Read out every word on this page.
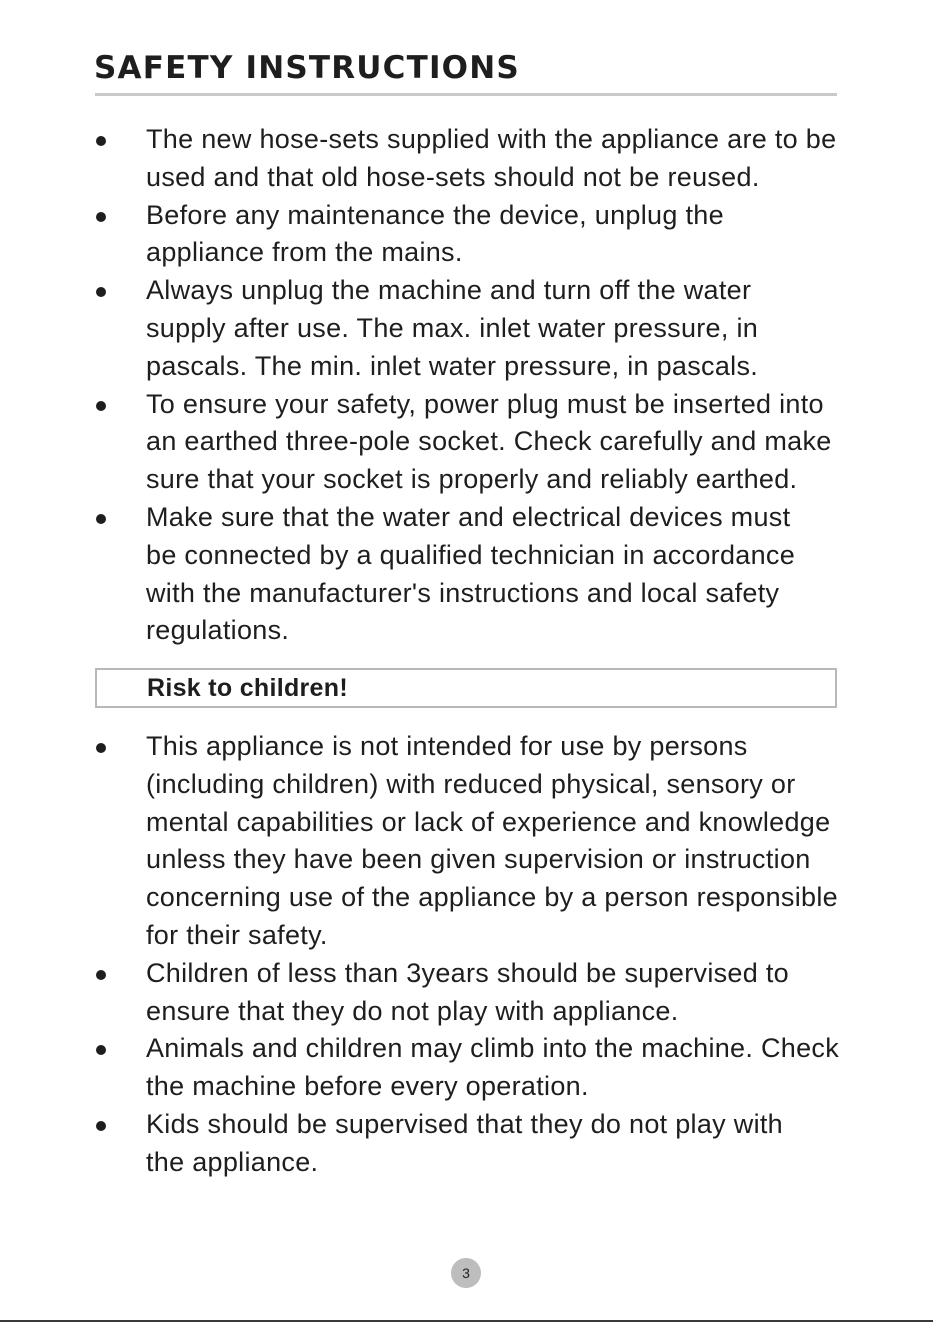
SAFETY INSTRUCTIONS
The new hose-sets supplied with the appliance are to be
used and that old hose-sets should not be reused.
Before any maintenance the device, unplug the
appliance from the mains.
Always unplug the machine and turn off the water
supply after use. The max. inlet water pressure, in
pascals. The min. inlet water pressure, in pascals.
To ensure your safety, power plug must be inserted into
an earthed three-pole socket. Check carefully and make
sure that your socket is properly and reliably earthed.
Make sure that the water and electrical devices must
be connected by a qualified technician in accordance
with the manufacturer's instructions and local safety
regulations.
Risk to children!
This appliance is not intended for use by persons
(including children) with reduced physical, sensory or
mental capabilities or lack of experience and knowledge
unless they have been given supervision or instruction
concerning use of the appliance by a person responsible
for their safety.
Children of less than 3years should be supervised to
ensure that they do not play with appliance.
Animals and children may climb into the machine. Check
the machine before every operation.
Kids should be supervised that they do not play with
the appliance.
3
